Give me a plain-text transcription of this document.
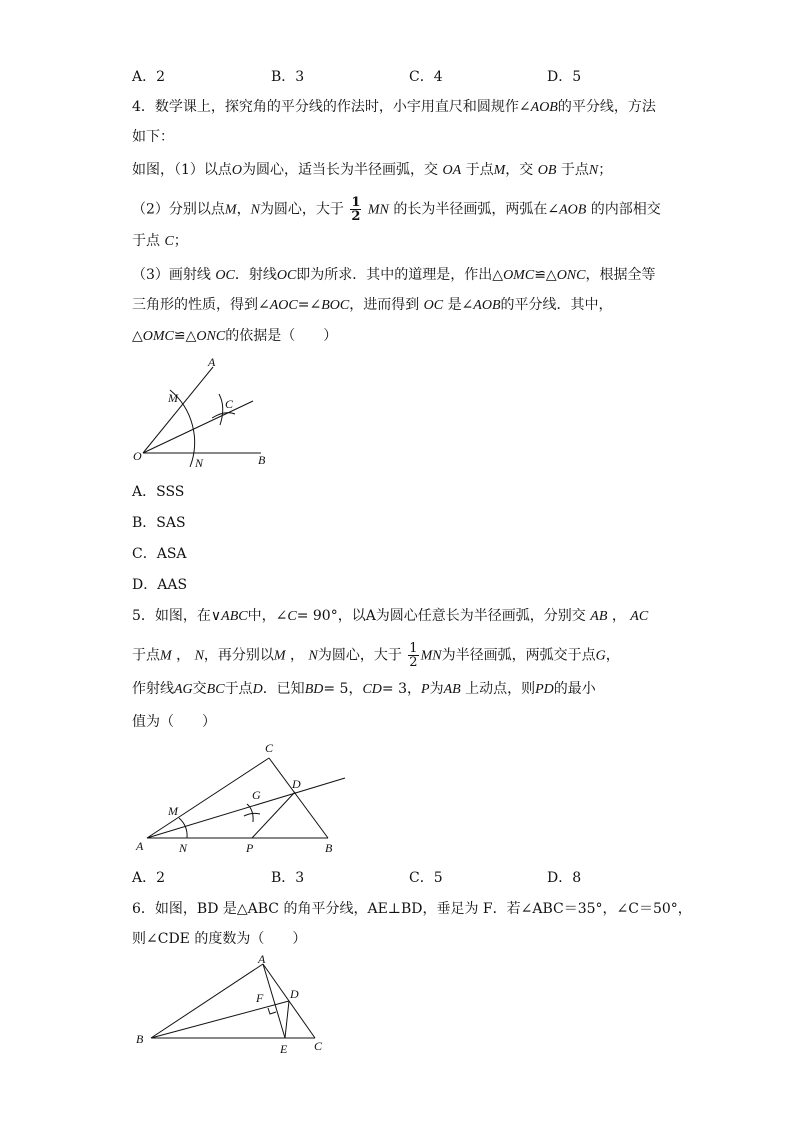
A．2	B．3	C．4	D．5
4．数学课上，探究角的平分线的作法时，小宇用直尺和圆规作∠AOB的平分线，方法
如下：
如图，（1）以点O为圆心，适当长为半径画弧，交 OA 于点M，交 OB 于点N；
（2）分别以点M，N为圆心，大于 $\frac{1}{2}$ MN 的长为半径画弧，两弧在∠AOB 的内部相交
于点 C；
（3）画射线 OC．射线OC即为所求．其中的道理是，作出△OMC≌△ONC，根据全等
三角形的性质，得到∠AOC=∠BOC，进而得到 OC 是∠AOB的平分线．其中，
△OMC≌△ONC的依据是（　　）
A
M	C
O	N	B
A．SSS
B．SAS
C．ASA
D．AAS
5．如图，在∨ABC中，∠C= 90°，以A为圆心任意长为半径画弧，分别交 AB ， AC
于点M ， N，再分别以M ， N为圆心，大于 $\frac{1}{2}$ MN为半径画弧，两弧交于点G，
作射线AG交BC于点D．已知BD= 5，CD= 3，P为AB 上动点，则PD的最小
值为（　　）
C
D
G
M
A	N	P	B
A．2	B．3	C．5	D．8
6．如图，BD 是△ABC 的角平分线，AE⊥BD，垂足为 F．若∠ABC＝35°，∠C＝50°，
则∠CDE 的度数为（　　）
A
F D
B
E C
